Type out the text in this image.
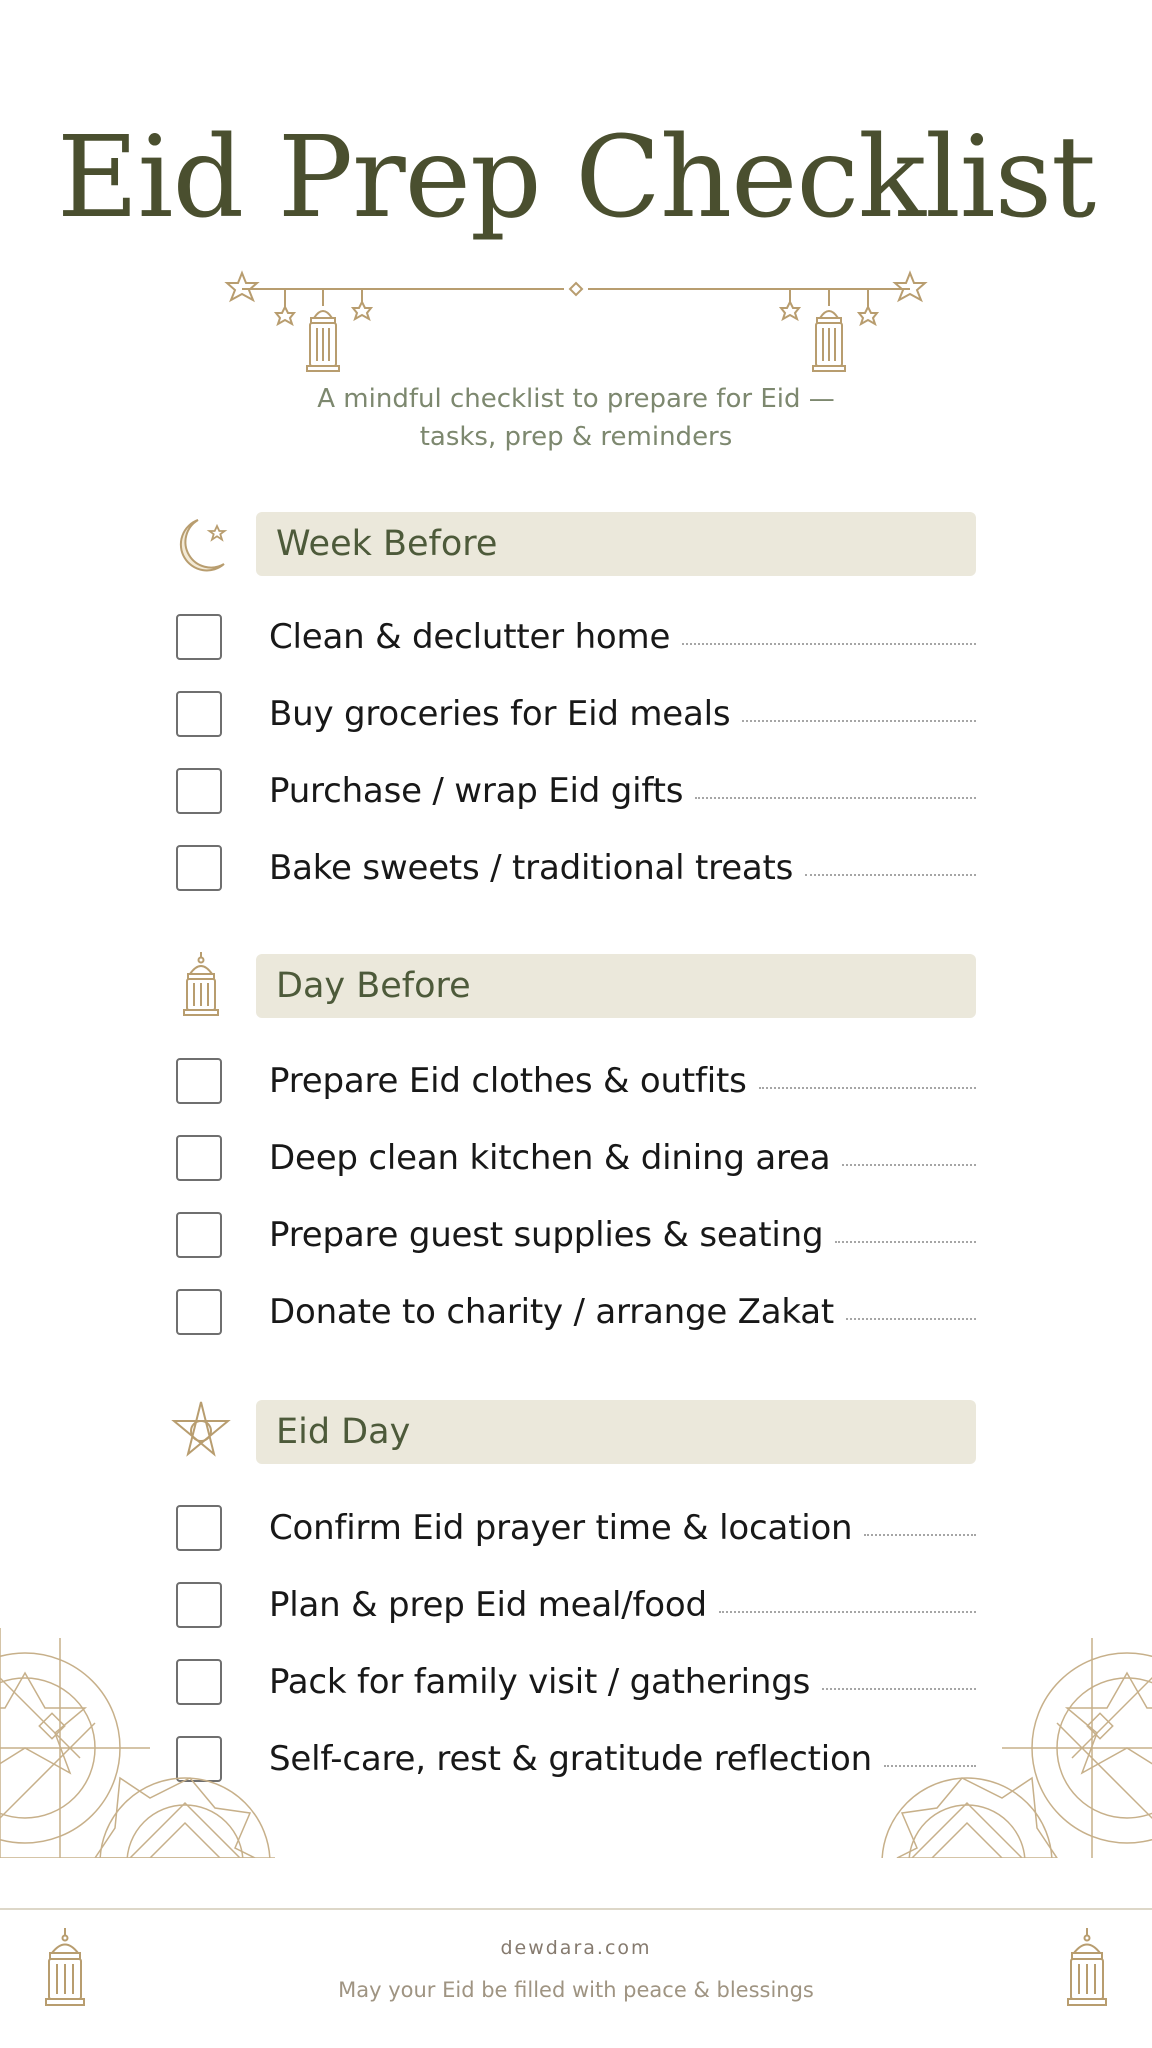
Eid Prep Checklist
A mindful checklist to prepare for Eid —
tasks, prep & reminders
Week Before
Clean & declutter home
Buy groceries for Eid meals
Purchase / wrap Eid gifts
Bake sweets / traditional treats
Day Before
Prepare Eid clothes & outfits
Deep clean kitchen & dining area
Prepare guest supplies & seating
Donate to charity / arrange Zakat
Eid Day
Confirm Eid prayer time & location
Plan & prep Eid meal/food
Pack for family visit / gatherings
Self-care, rest & gratitude reflection
dewdara.com
May your Eid be filled with peace & blessings
